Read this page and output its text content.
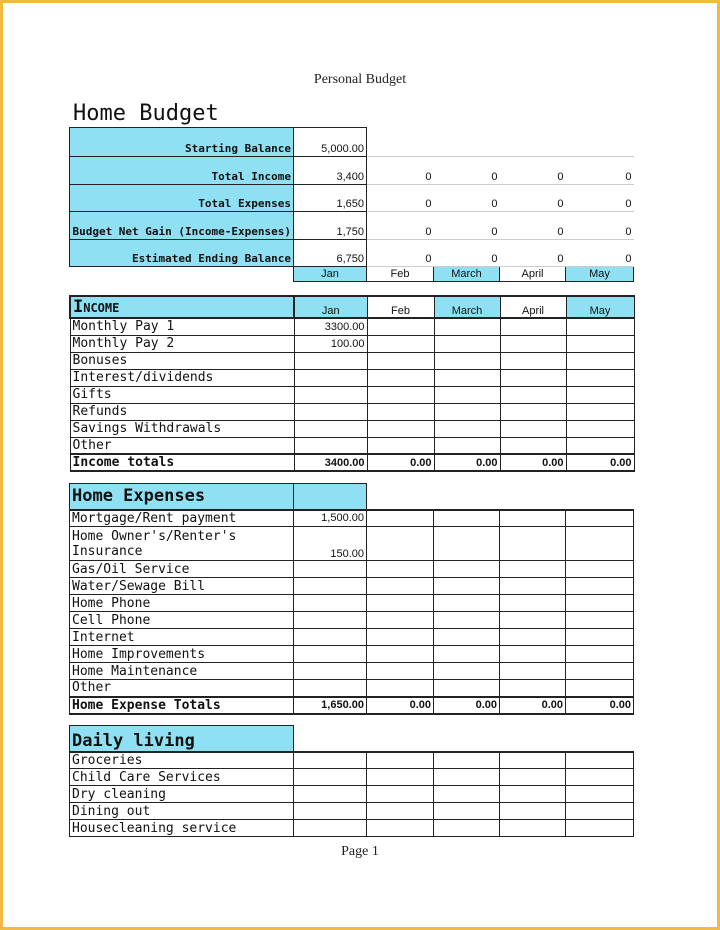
Personal Budget
Home Budget
Starting Balance	5,000.00				
Total Income	3,400	0	0	0	0
Total Expenses	1,650	0	0	0	0
Budget Net Gain (Income-Expenses)	1,750	0	0	0	0
Estimated Ending Balance	6,750	0	0	0	0
	Jan	Feb	March	April	May
Income	Jan	Feb	March	April	May
Monthly Pay 1	3300.00				
Monthly Pay 2	100.00				
Bonuses					
Interest/dividends					
Gifts					
Refunds					
Savings Withdrawals					
Other					
Income totals	3400.00	0.00	0.00	0.00	0.00
Home Expenses					
Mortgage/Rent payment	1,500.00				
Home Owner's/Renter's Insurance	150.00				
Gas/Oil Service					
Water/Sewage Bill					
Home Phone					
Cell Phone					
Internet					
Home Improvements					
Home Maintenance					
Other					
Home Expense Totals	1,650.00	0.00	0.00	0.00	0.00
Daily living					
Groceries					
Child Care Services					
Dry cleaning					
Dining out					
Housecleaning service					
Page 1
